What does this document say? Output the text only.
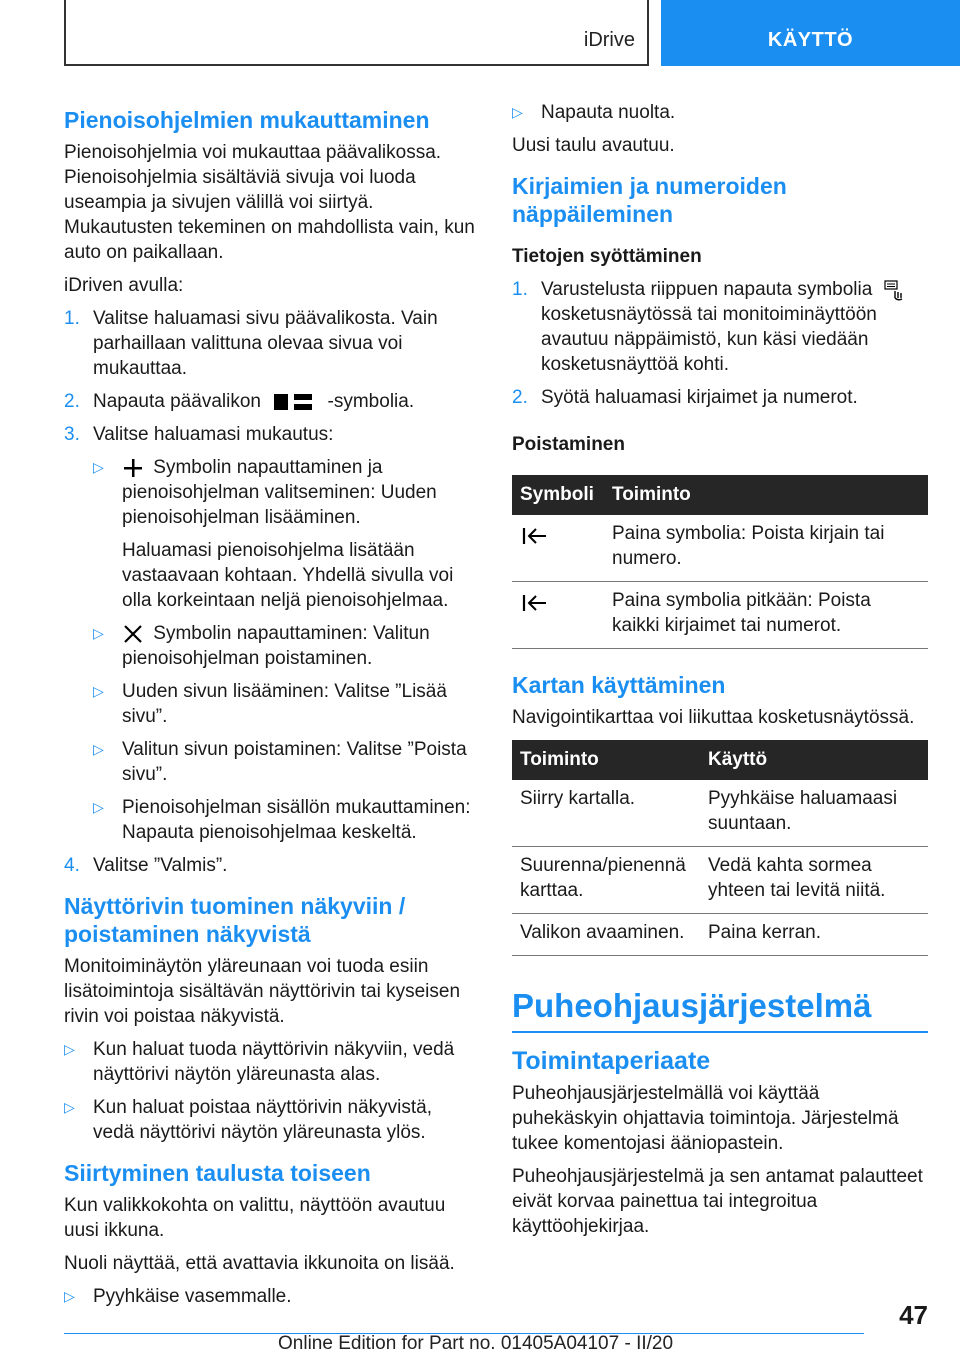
iDrive	KÄYTTÖ
Pienoisohjelmien mukauttaminen

Pienoisohjelmia voi mukauttaa päävalikossa. Pienoisohjelmia sisältäviä sivuja voi luoda useampia ja sivujen välillä voi siirtyä. Mukautusten tekeminen on mahdollista vain, kun auto on paikallaan.

iDriven avulla:

1. Valitse haluamasi sivu päävalikosta. Vain parhaillaan valittuna olevaa sivua voi mukauttaa.
2. Napauta päävalikon	-symbolia.
3. Valitse haluamasi mukautus:
▷	Symbolin napauttaminen ja pienoisohjelman valitseminen: Uuden pienoisohjelman lisääminen.
Haluamasi pienoisohjelma lisätään vastaavaan kohtaan. Yhdellä sivulla voi olla korkeintaan neljä pienoisohjelmaa.
▷	Symbolin napauttaminen: Valitun pienoisohjelman poistaminen.
▷ Uuden sivun lisääminen: Valitse ”Lisää sivu”.
▷ Valitun sivun poistaminen: Valitse ”Poista sivu”.
▷ Pienoisohjelman sisällön mukauttaminen: Napauta pienoisohjelmaa keskeltä.
4. Valitse ”Valmis”.
Näyttörivin tuominen näkyviin / poistaminen näkyvistä

Monitoiminäytön yläreunaan voi tuoda esiin lisätoimintoja sisältävän näyttörivin tai kyseisen rivin voi poistaa näkyvistä.

▷ Kun haluat tuoda näyttörivin näkyviin, vedä näyttörivi näytön yläreunasta alas.
▷ Kun haluat poistaa näyttörivin näkyvistä, vedä näyttörivi näytön yläreunasta ylös.
Siirtyminen taulusta toiseen

Kun valikkokohta on valittu, näyttöön avautuu uusi ikkuna.

Nuoli näyttää, että avattavia ikkunoita on lisää.

▷ Pyyhkäise vasemmalle.
▷ Napauta nuolta.

Uusi taulu avautuu.

Kirjaimien ja numeroiden näppäileminen
Tietojen syöttäminen
1. Varustelusta riippuen napauta symbolia  kosketusnäytössä tai monitoiminäyttöön avautuu näppäimistö, kun käsi viedään kosketusnäyttöä kohti.
2. Syötä haluamasi kirjaimet ja numerot.
Poistaminen
Symboli	Toiminto
	Paina symbolia: Poista kirjain tai numero.
	Paina symbolia pitkään: Poista kaikki kirjaimet tai numerot.
Kartan käyttäminen

Navigointikarttaa voi liikuttaa kosketusnäytössä.

Toiminto	Käyttö
Siirry kartalla.	Pyyhkäise haluamaasi suuntaan.
Suurenna/pienennä karttaa.	Vedä kahta sormea yhteen tai levitä niitä.
Valikon avaaminen.	Paina kerran.
Puheohjausjärjestelmä
Toimintaperiaate

Puheohjausjärjestelmällä voi käyttää puhekäskyin ohjattavia toimintoja. Järjestelmä tukee komentojasi ääniopastein.

Puheohjausjärjestelmä ja sen antamat palautteet eivät korvaa painettua tai integroitua käyttöohjekirjaa.

47
Online Edition for Part no. 01405A04107 - II/20
